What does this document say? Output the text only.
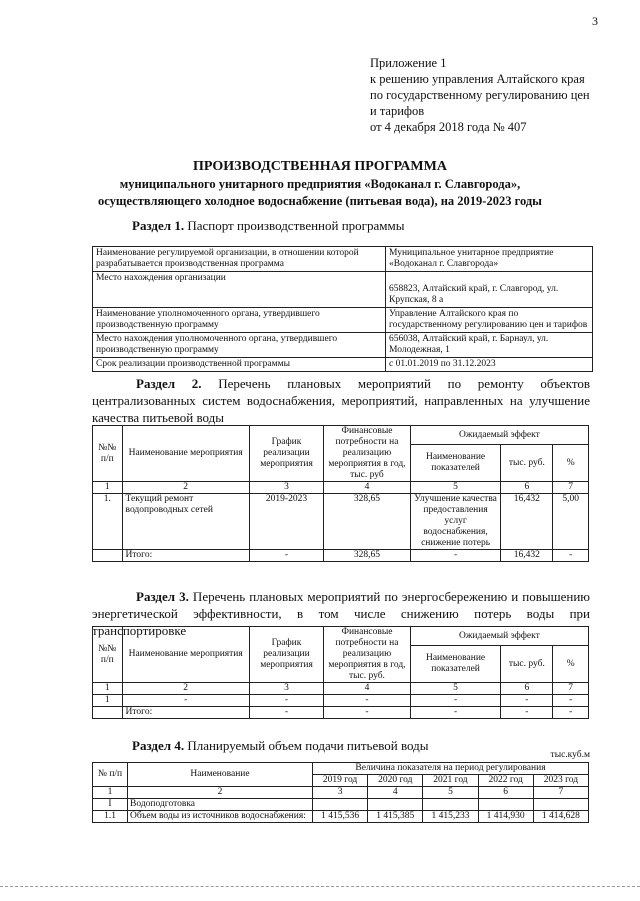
3
Приложение 1
к решению управления Алтайского края
по государственному регулированию цен
и тарифов
от 4 декабря 2018 года № 407
ПРОИЗВОДСТВЕННАЯ ПРОГРАММА
муниципального унитарного предприятия «Водоканал г. Славгорода»,
осуществляющего холодное водоснабжение (питьевая вода), на 2019-2023 годы
Раздел 1. Паспорт производственной программы
Наименование регулируемой организации, в отношении которой разрабатывается производственная программа	Муниципальное унитарное предприятие «Водоканал г. Славгорода»
Место нахождения организации	658823, Алтайский край, г. Славгород, ул. Крупская, 8 а
Наименование уполномоченного органа, утвердившего производственную программу	Управление Алтайского края по государственному регулированию цен и тарифов
Место нахождения уполномоченного органа, утвердившего производственную программу	656038, Алтайский край, г. Барнаул, ул. Молодежная, 1
Срок реализации производственной программы	с 01.01.2019 по 31.12.2023
Раздел 2. Перечень плановых мероприятий по ремонту объектов централизованных систем водоснабжения, мероприятий, направленных на улучшение качества питьевой воды
№№ п/п	Наименование мероприятия	График реализации мероприятия	Финансовые потребности на реализацию мероприятия в год, тыс. руб	Ожидаемый эффект		
				Наименование показателей	тыс. руб.	%
1	2	3	4	5	6	7
1.	Текущий ремонт водопроводных сетей	2019-2023	328,65	Улучшение качества предоставления услуг водоснабжения, снижение потерь	16,432	5,00
	Итого:	-	328,65	-	16,432	-
Раздел 3. Перечень плановых мероприятий по энергосбережению и повышению энергетической эффективности, в том числе снижению потерь воды при транспортировке
№№ п/п	Наименование мероприятия	График реализации мероприятия	Финансовые потребности на реализацию мероприятия в год, тыс. руб.	Ожидаемый эффект		
				Наименование показателей	тыс. руб.	%
1	2	3	4	5	6	7
1	-	-	-	-	-	-
	Итого:	-	-	-	-	-
Раздел 4. Планируемый объем подачи питьевой воды
тыс.куб.м
№ п/п	Наименование	Величина показателя на период регулирования				
		2019 год	2020 год	2021 год	2022 год	2023 год
1	2	3	4	5	6	7
I	Водоподготовка					
1.1	Объем воды из источников водоснабжения:	1 415,536	1 415,385	1 415,233	1 414,930	1 414,628
